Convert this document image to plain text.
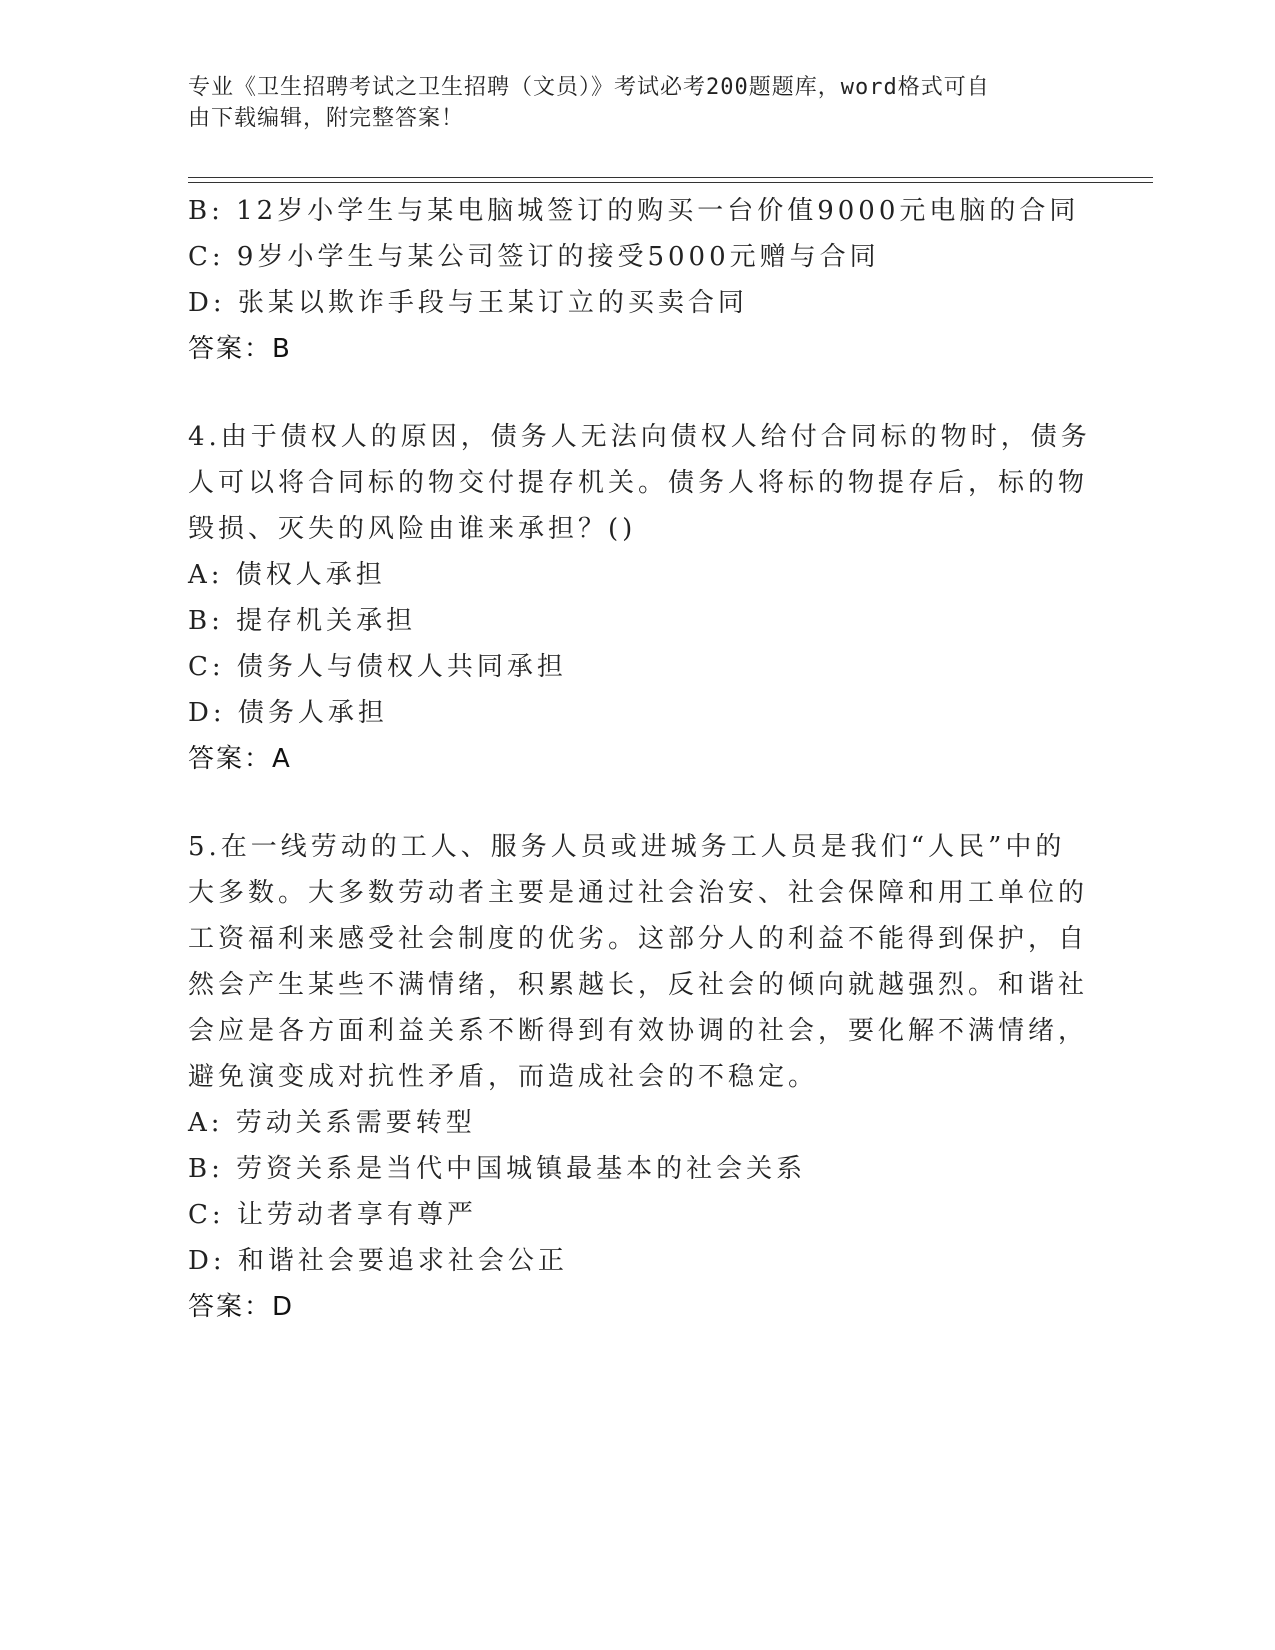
专业《卫生招聘考试之卫生招聘（文员）》考试必考200题题库，word格式可自
由下载编辑，附完整答案！
B: 12岁小学生与某电脑城签订的购买一台价值9000元电脑的合同
C: 9岁小学生与某公司签订的接受5000元赠与合同
D: 张某以欺诈手段与王某订立的买卖合同
答案：B
4.由于债权人的原因，债务人无法向债权人给付合同标的物时，债务
人可以将合同标的物交付提存机关。债务人将标的物提存后，标的物
毁损、灭失的风险由谁来承担？()
A: 债权人承担
B: 提存机关承担
C: 债务人与债权人共同承担
D: 债务人承担
答案：A
5.在一线劳动的工人、服务人员或进城务工人员是我们“人民”中的
大多数。大多数劳动者主要是通过社会治安、社会保障和用工单位的
工资福利来感受社会制度的优劣。这部分人的利益不能得到保护，自
然会产生某些不满情绪，积累越长，反社会的倾向就越强烈。和谐社
会应是各方面利益关系不断得到有效协调的社会，要化解不满情绪，
避免演变成对抗性矛盾，而造成社会的不稳定。
A: 劳动关系需要转型
B: 劳资关系是当代中国城镇最基本的社会关系
C: 让劳动者享有尊严
D: 和谐社会要追求社会公正
答案：D
